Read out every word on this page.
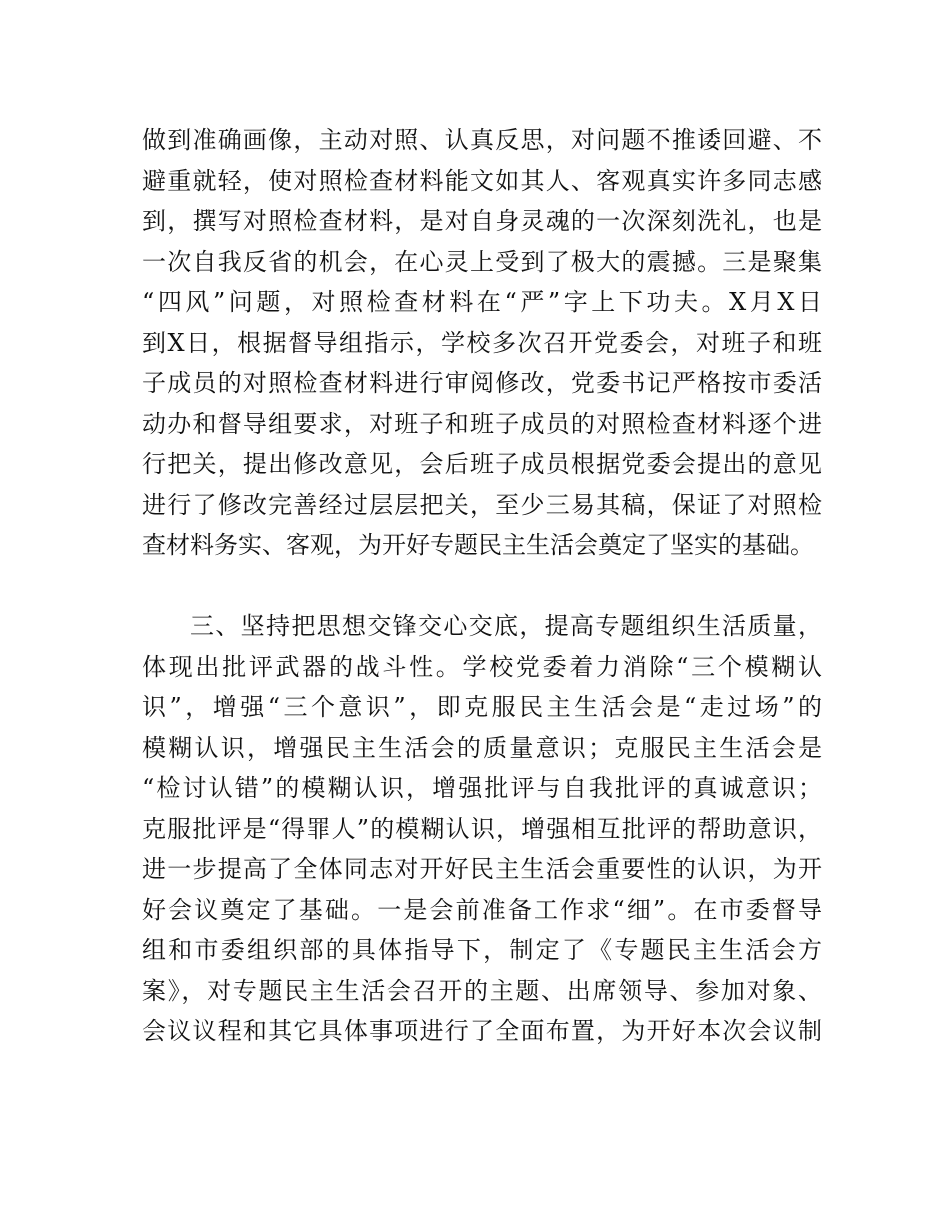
做到准确画像，主动对照、认真反思，对问题不推诿回避、不
避重就轻，使对照检查材料能文如其人、客观真实许多同志感
到，撰写对照检查材料，是对自身灵魂的一次深刻洗礼，也是
一次自我反省的机会，在心灵上受到了极大的震撼。三是聚集
“四风”问题，对照检查材料在“严”字上下功夫。X月X日
到X日，根据督导组指示，学校多次召开党委会，对班子和班
子成员的对照检查材料进行审阅修改，党委书记严格按市委活
动办和督导组要求，对班子和班子成员的对照检查材料逐个进
行把关，提出修改意见，会后班子成员根据党委会提出的意见
进行了修改完善经过层层把关，至少三易其稿，保证了对照检
查材料务实、客观，为开好专题民主生活会奠定了坚实的基础。
三、坚持把思想交锋交心交底，提高专题组织生活质量，
体现出批评武器的战斗性。学校党委着力消除“三个模糊认
识”，增强“三个意识”，即克服民主生活会是“走过场”的
模糊认识，增强民主生活会的质量意识；克服民主生活会是
“检讨认错”的模糊认识，增强批评与自我批评的真诚意识；
克服批评是“得罪人”的模糊认识，增强相互批评的帮助意识，
进一步提高了全体同志对开好民主生活会重要性的认识，为开
好会议奠定了基础。一是会前准备工作求“细”。在市委督导
组和市委组织部的具体指导下，制定了《专题民主生活会方
案》，对专题民主生活会召开的主题、出席领导、参加对象、
会议议程和其它具体事项进行了全面布置，为开好本次会议制
